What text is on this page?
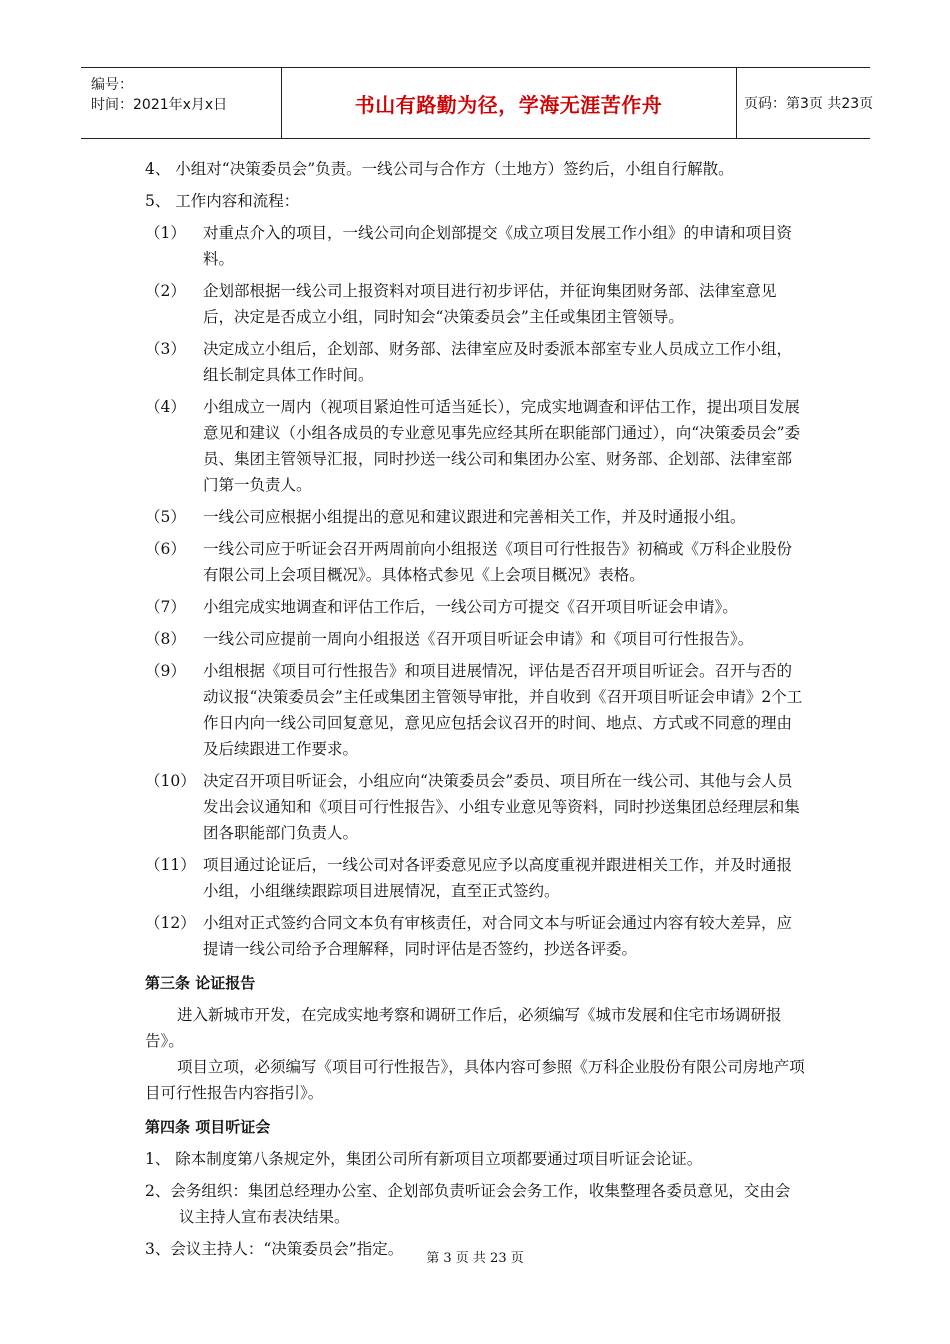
编号：
时间：2021年x月x日	书山有路勤为径，学海无涯苦作舟	页码：第3页 共23页

4、 小组对“决策委员会”负责。一线公司与合作方（土地方）签约后，小组自行解散。

5、 工作内容和流程：

（1）	对重点介入的项目，一线公司向企划部提交《成立项目发展工作小组》的申请和项目资料。
（2）	企划部根据一线公司上报资料对项目进行初步评估，并征询集团财务部、法律室意见后，决定是否成立小组，同时知会“决策委员会”主任或集团主管领导。
（3）	决定成立小组后，企划部、财务部、法律室应及时委派本部室专业人员成立工作小组，组长制定具体工作时间。
（4）	小组成立一周内（视项目紧迫性可适当延长），完成实地调查和评估工作，提出项目发展意见和建议（小组各成员的专业意见事先应经其所在职能部门通过），向“决策委员会”委员、集团主管领导汇报，同时抄送一线公司和集团办公室、财务部、企划部、法律室部门第一负责人。
（5）	一线公司应根据小组提出的意见和建议跟进和完善相关工作，并及时通报小组。
（6）	一线公司应于听证会召开两周前向小组报送《项目可行性报告》初稿或《万科企业股份有限公司上会项目概况》。具体格式参见《上会项目概况》表格。
（7）	小组完成实地调查和评估工作后，一线公司方可提交《召开项目听证会申请》。
（8）	一线公司应提前一周向小组报送《召开项目听证会申请》和《项目可行性报告》。
（9）	小组根据《项目可行性报告》和项目进展情况，评估是否召开项目听证会。召开与否的动议报“决策委员会”主任或集团主管领导审批，并自收到《召开项目听证会申请》2个工作日内向一线公司回复意见，意见应包括会议召开的时间、地点、方式或不同意的理由及后续跟进工作要求。
（10） 决定召开项目听证会，小组应向“决策委员会”委员、项目所在一线公司、其他与会人员发出会议通知和《项目可行性报告》、小组专业意见等资料，同时抄送集团总经理层和集团各职能部门负责人。
（11） 项目通过论证后，一线公司对各评委意见应予以高度重视并跟进相关工作，并及时通报小组，小组继续跟踪项目进展情况，直至正式签约。
（12） 小组对正式签约合同文本负有审核责任，对合同文本与听证会通过内容有较大差异，应提请一线公司给予合理解释，同时评估是否签约，抄送各评委。
第三条 论证报告

进入新城市开发，在完成实地考察和调研工作后，必须编写《城市发展和住宅市场调研报告》。

项目立项，必须编写《项目可行性报告》，具体内容可参照《万科企业股份有限公司房地产项目可行性报告内容指引》。

第四条 项目听证会

1、 除本制度第八条规定外，集团公司所有新项目立项都要通过项目听证会论证。

2、会务组织：集团总经理办公室、企划部负责听证会会务工作，收集整理各委员意见，交由会议主持人宣布表决结果。

3、会议主持人：“决策委员会”指定。

第 3 页 共 23 页
